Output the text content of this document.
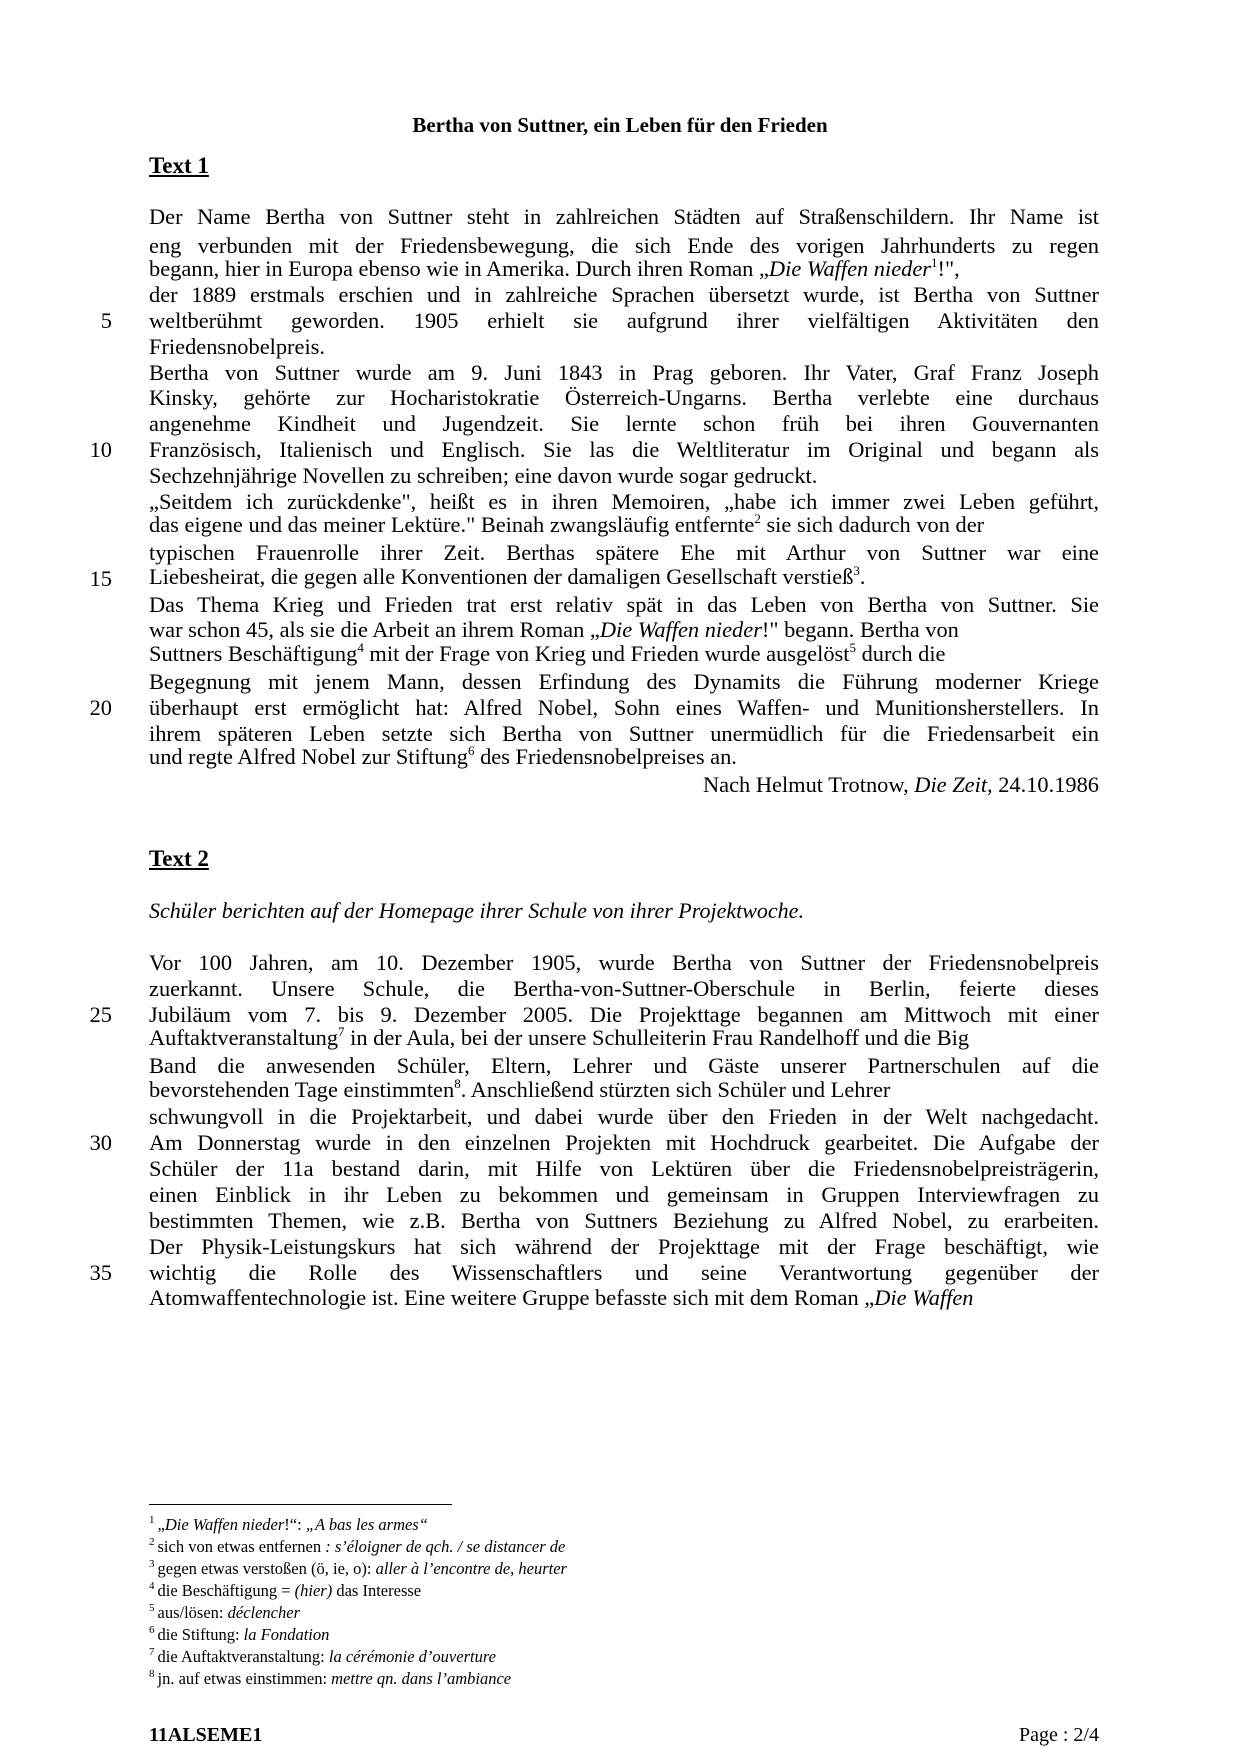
Bertha von Suttner, ein Leben für den Frieden
Text 1
Der Name Bertha von Suttner steht in zahlreichen Städten auf Straßenschildern. Ihr Name ist
eng verbunden mit der Friedensbewegung, die sich Ende des vorigen Jahrhunderts zu regen
begann, hier in Europa ebenso wie in Amerika. Durch ihren Roman „Die Waffen nieder$^1$!",
der 1889 erstmals erschien und in zahlreiche Sprachen übersetzt wurde, ist Bertha von Suttner
5 weltberühmt geworden. 1905 erhielt sie aufgrund ihrer vielfältigen Aktivitäten den
Friedensnobelpreis.
Bertha von Suttner wurde am 9. Juni 1843 in Prag geboren. Ihr Vater, Graf Franz Joseph
Kinsky, gehörte zur Hocharistokratie Österreich-Ungarns. Bertha verlebte eine durchaus
angenehme Kindheit und Jugendzeit. Sie lernte schon früh bei ihren Gouvernanten
10 Französisch, Italienisch und Englisch. Sie las die Weltliteratur im Original und begann als
Sechzehnjährige Novellen zu schreiben; eine davon wurde sogar gedruckt.
„Seitdem ich zurückdenke", heißt es in ihren Memoiren, „habe ich immer zwei Leben geführt,
das eigene und das meiner Lektüre." Beinah zwangsläufig entfernte$^2$ sie sich dadurch von der
typischen Frauenrolle ihrer Zeit. Berthas spätere Ehe mit Arthur von Suttner war eine
15 Liebesheirat, die gegen alle Konventionen der damaligen Gesellschaft verstieß$^3$.
Das Thema Krieg und Frieden trat erst relativ spät in das Leben von Bertha von Suttner. Sie
war schon 45, als sie die Arbeit an ihrem Roman „Die Waffen nieder!" begann. Bertha von
Suttners Beschäftigung$^4$ mit der Frage von Krieg und Frieden wurde ausgelöst$^5$ durch die
Begegnung mit jenem Mann, dessen Erfindung des Dynamits die Führung moderner Kriege
20 überhaupt erst ermöglicht hat: Alfred Nobel, Sohn eines Waffen- und Munitionsherstellers. In
ihrem späteren Leben setzte sich Bertha von Suttner unermüdlich für die Friedensarbeit ein
und regte Alfred Nobel zur Stiftung$^6$ des Friedensnobelpreises an.
Nach Helmut Trotnow, Die Zeit, 24.10.1986
Text 2
Schüler berichten auf der Homepage ihrer Schule von ihrer Projektwoche.
Vor 100 Jahren, am 10. Dezember 1905, wurde Bertha von Suttner der Friedensnobelpreis
zuerkannt. Unsere Schule, die Bertha-von-Suttner-Oberschule in Berlin, feierte dieses
25 Jubiläum vom 7. bis 9. Dezember 2005. Die Projekttage begannen am Mittwoch mit einer
Auftaktveranstaltung$^7$ in der Aula, bei der unsere Schulleiterin Frau Randelhoff und die Big
Band die anwesenden Schüler, Eltern, Lehrer und Gäste unserer Partnerschulen auf die
bevorstehenden Tage einstimmten$^8$. Anschließend stürzten sich Schüler und Lehrer
schwungvoll in die Projektarbeit, und dabei wurde über den Frieden in der Welt nachgedacht.
30 Am Donnerstag wurde in den einzelnen Projekten mit Hochdruck gearbeitet. Die Aufgabe der
Schüler der 11a bestand darin, mit Hilfe von Lektüren über die Friedensnobelpreisträgerin,
einen Einblick in ihr Leben zu bekommen und gemeinsam in Gruppen Interviewfragen zu
bestimmten Themen, wie z.B. Bertha von Suttners Beziehung zu Alfred Nobel, zu erarbeiten.
Der Physik-Leistungskurs hat sich während der Projekttage mit der Frage beschäftigt, wie
35 wichtig die Rolle des Wissenschaftlers und seine Verantwortung gegenüber der
Atomwaffentechnologie ist. Eine weitere Gruppe befasste sich mit dem Roman „Die Waffen
$^1$ „Die Waffen nieder!“: „A bas les armes“
$^2$ sich von etwas entfernen : s’éloigner de qch. / se distancer de
$^3$ gegen etwas verstoßen (ö, ie, o): aller à l’encontre de, heurter
$^4$ die Beschäftigung = (hier) das Interesse
$^5$ aus/lösen: déclencher
$^6$ die Stiftung: la Fondation
$^7$ die Auftaktveranstaltung: la cérémonie d’ouverture
$^8$ jn. auf etwas einstimmen: mettre qn. dans l’ambiance
11ALSEME1	Page : 2/4
